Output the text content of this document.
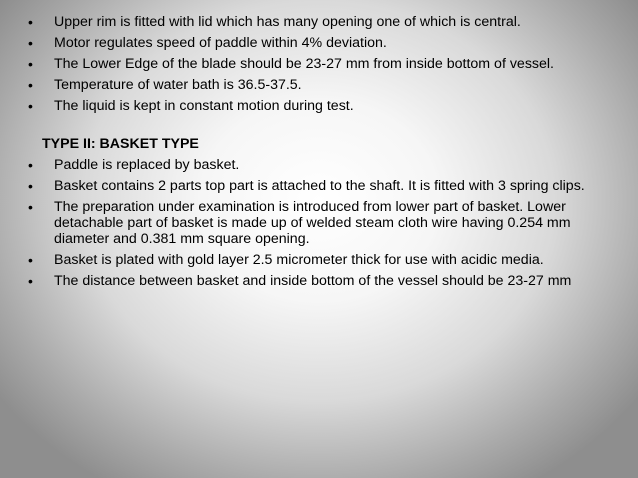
• Upper rim is fitted with lid which has many opening one of which is central.
• Motor regulates speed of paddle within 4% deviation.
• The Lower Edge of the blade should be 23-27 mm from inside bottom of vessel.
• Temperature of water bath is 36.5-37.5.
• The liquid is kept in constant motion during test.

TYPE II: BASKET TYPE

• Paddle is replaced by basket.
• Basket contains 2 parts top part is attached to the shaft. It is fitted with 3 spring clips.
• The preparation under examination is introduced from lower part of basket. Lower detachable part of basket is made up of welded steam cloth wire having 0.254 mm diameter and 0.381 mm square opening.
• Basket is plated with gold layer 2.5 micrometer thick for use with acidic media.
• The distance between basket and inside bottom of the vessel should be 23-27 mm
